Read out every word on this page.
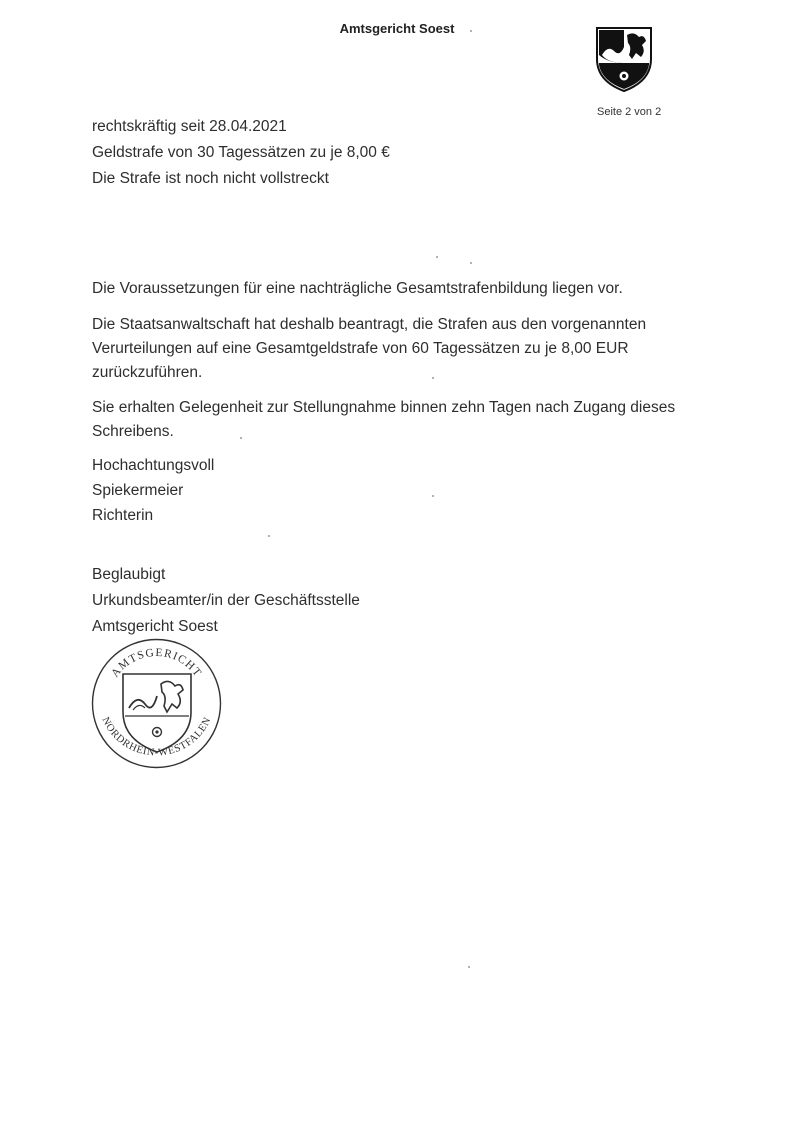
Amtsgericht Soest
Seite 2 von 2
rechtskräftig seit 28.04.2021
Geldstrafe von 30 Tagessätzen zu je 8,00 €
Die Strafe ist noch nicht vollstreckt
Die Voraussetzungen für eine nachträgliche Gesamtstrafenbildung liegen vor.
Die Staatsanwaltschaft hat deshalb beantragt, die Strafen aus den vorgenannten
Verurteilungen auf eine Gesamtgeldstrafe von 60 Tagessätzen zu je 8,00 EUR
zurückzuführen.
Sie erhalten Gelegenheit zur Stellungnahme binnen zehn Tagen nach Zugang dieses
Schreibens.
Hochachtungsvoll
Spiekermeier
Richterin
Beglaubigt
Urkundsbeamter/in der Geschäftsstelle
Amtsgericht Soest
AMTSGERICHT
NORDRHEIN-WESTFALEN
